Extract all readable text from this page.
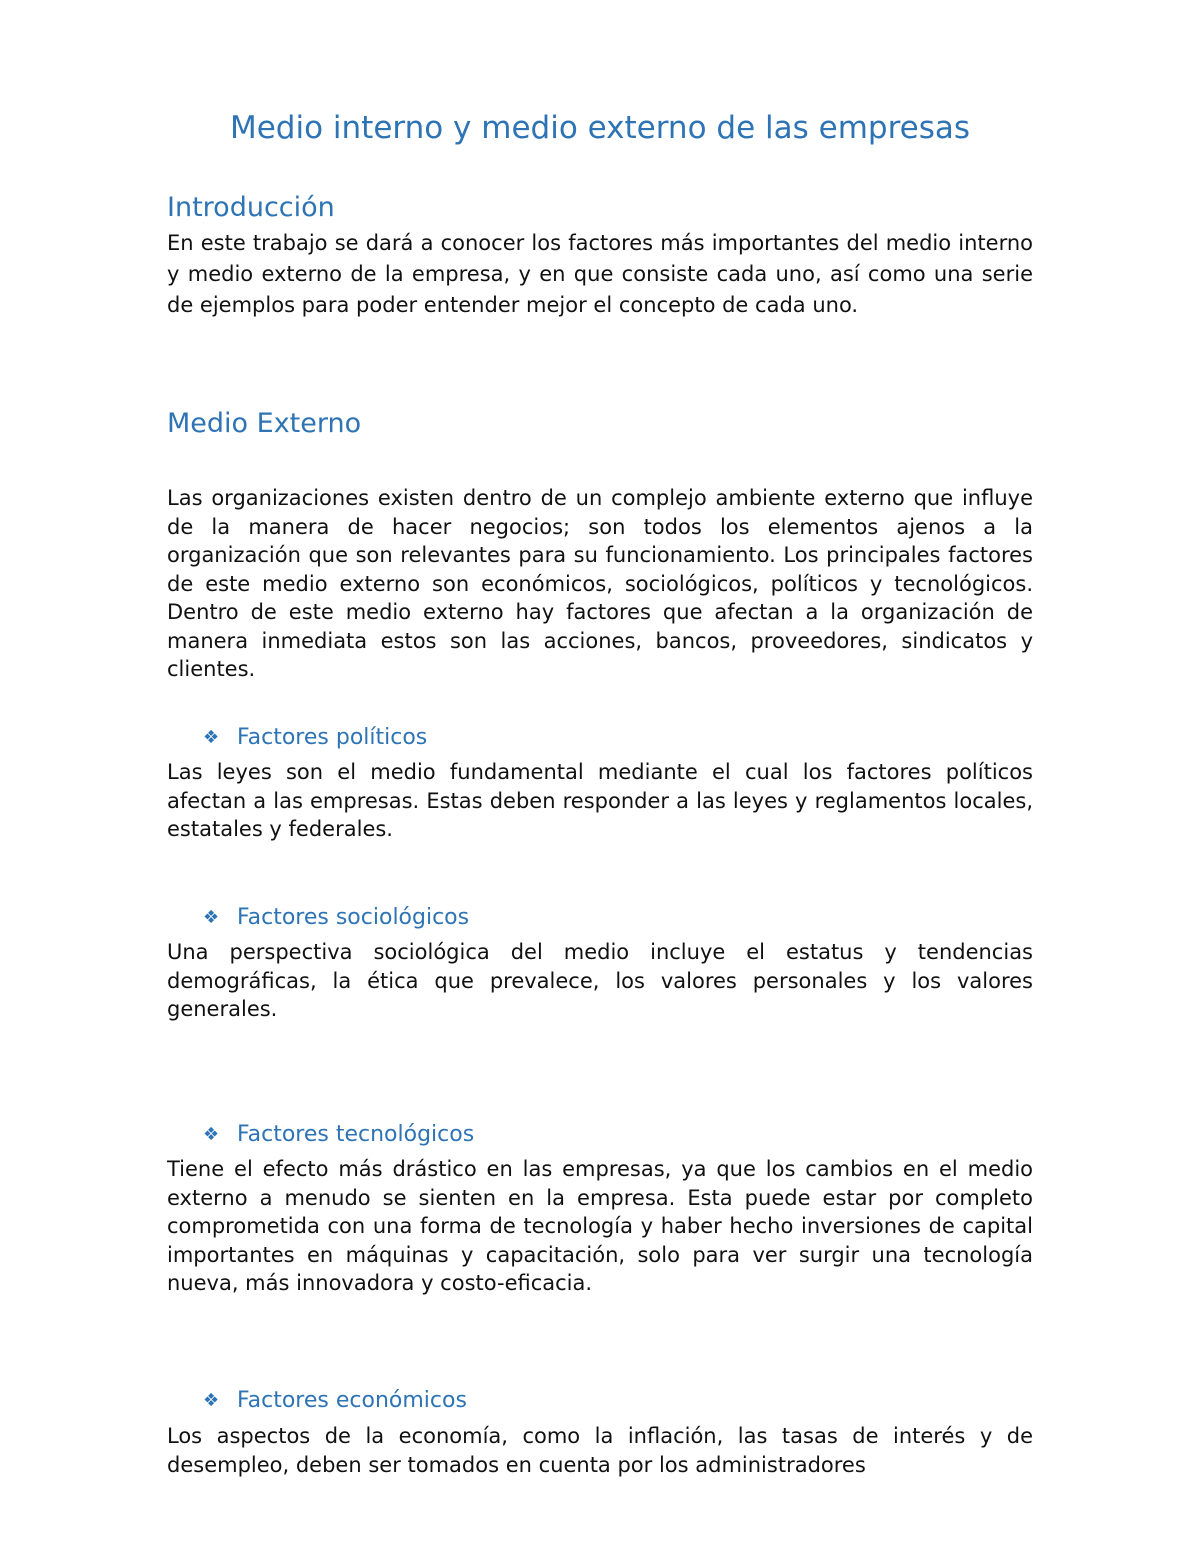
Medio interno y medio externo de las empresas
Introducción

En este trabajo se dará a conocer los factores más importantes del medio interno y medio externo de la empresa, y en que consiste cada uno, así como una serie de ejemplos para poder entender mejor el concepto de cada uno.

Medio Externo

Las organizaciones existen dentro de un complejo ambiente externo que influye de la manera de hacer negocios; son todos los elementos ajenos a la organización que son relevantes para su funcionamiento. Los principales factores de este medio externo son económicos, sociológicos, políticos y tecnológicos. Dentro de este medio externo hay factores que afectan a la organización de manera inmediata estos son las acciones, bancos, proveedores, sindicatos y clientes.

❖ Factores políticos

Las leyes son el medio fundamental mediante el cual los factores políticos afectan a las empresas. Estas deben responder a las leyes y reglamentos locales, estatales y federales.

❖ Factores sociológicos

Una perspectiva sociológica del medio incluye el estatus y tendencias demográficas, la ética que prevalece, los valores personales y los valores generales.

❖ Factores tecnológicos

Tiene el efecto más drástico en las empresas, ya que los cambios en el medio externo a menudo se sienten en la empresa. Esta puede estar por completo comprometida con una forma de tecnología y haber hecho inversiones de capital importantes en máquinas y capacitación, solo para ver surgir una tecnología nueva, más innovadora y costo-eficacia.

❖ Factores económicos

Los aspectos de la economía, como la inflación, las tasas de interés y de desempleo, deben ser tomados en cuenta por los administradores
